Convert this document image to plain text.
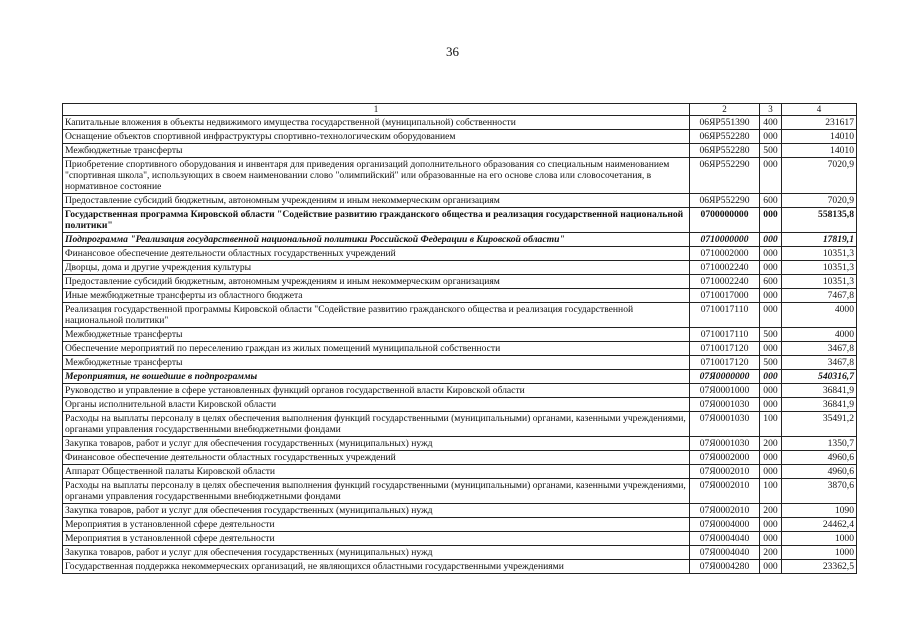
36
1	2	3	4
Капитальные вложения в объекты недвижимого имущества государственной (муниципальной) собственности	06ЯР551390	400	231617
Оснащение объектов спортивной инфраструктуры спортивно-технологическим оборудованием	06ЯР552280	000	14010
Межбюджетные трансферты	06ЯР552280	500	14010
Приобретение спортивного оборудования и инвентаря для приведения организаций дополнительного образования со специальным наименованием "спортивная школа", использующих в своем наименовании слово "олимпийский" или образованные на его основе слова или словосочетания, в нормативное состояние	06ЯР552290	000	7020,9
Предоставление субсидий бюджетным, автономным учреждениям и иным некоммерческим организациям	06ЯР552290	600	7020,9
Государственная программа Кировской области "Содействие развитию гражданского общества и реализация государственной национальной политики"	0700000000	000	558135,8
Подпрограмма "Реализация государственной национальной политики Российской Федерации в Кировской области"	0710000000	000	17819,1
Финансовое обеспечение деятельности областных государственных учреждений	0710002000	000	10351,3
Дворцы, дома и другие учреждения культуры	0710002240	000	10351,3
Предоставление субсидий бюджетным, автономным учреждениям и иным некоммерческим организациям	0710002240	600	10351,3
Иные межбюджетные трансферты из областного бюджета	0710017000	000	7467,8
Реализация государственной программы Кировской области "Содействие развитию гражданского общества и реализация государственной национальной политики"	0710017110	000	4000
Межбюджетные трансферты	0710017110	500	4000
Обеспечение мероприятий по переселению граждан из жилых помещений муниципальной собственности	0710017120	000	3467,8
Межбюджетные трансферты	0710017120	500	3467,8
Мероприятия, не вошедшие в подпрограммы	07Я0000000	000	540316,7
Руководство и управление в сфере установленных функций органов государственной власти Кировской области	07Я0001000	000	36841,9
Органы исполнительной власти Кировской области	07Я0001030	000	36841,9
Расходы на выплаты персоналу в целях обеспечения выполнения функций государственными (муниципальными) органами, казенными учреждениями, органами управления государственными внебюджетными фондами	07Я0001030	100	35491,2
Закупка товаров, работ и услуг для обеспечения государственных (муниципальных) нужд	07Я0001030	200	1350,7
Финансовое обеспечение деятельности областных государственных учреждений	07Я0002000	000	4960,6
Аппарат Общественной палаты Кировской области	07Я0002010	000	4960,6
Расходы на выплаты персоналу в целях обеспечения выполнения функций государственными (муниципальными) органами, казенными учреждениями, органами управления государственными внебюджетными фондами	07Я0002010	100	3870,6
Закупка товаров, работ и услуг для обеспечения государственных (муниципальных) нужд	07Я0002010	200	1090
Мероприятия в установленной сфере деятельности	07Я0004000	000	24462,4
Мероприятия в установленной сфере деятельности	07Я0004040	000	1000
Закупка товаров, работ и услуг для обеспечения государственных (муниципальных) нужд	07Я0004040	200	1000
Государственная поддержка некоммерческих организаций, не являющихся областными государственными учреждениями	07Я0004280	000	23362,5
